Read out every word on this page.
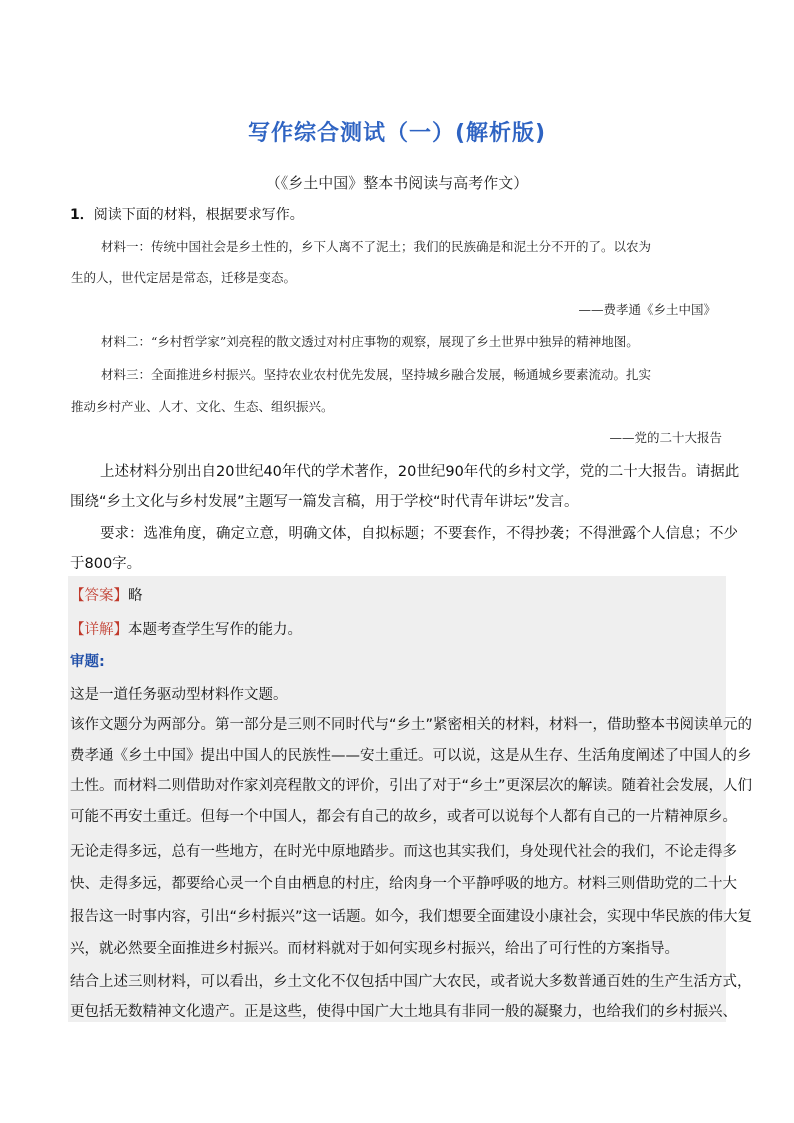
写作综合测试（一）(解析版)
（《乡土中国》整本书阅读与高考作文）
1．阅读下面的材料，根据要求写作。
材料一：传统中国社会是乡土性的，乡下人离不了泥土；我们的民族确是和泥土分不开的了。以农为
生的人，世代定居是常态，迁移是变态。
——费孝通《乡土中国》
材料二：“乡村哲学家”刘亮程的散文透过对村庄事物的观察，展现了乡土世界中独异的精神地图。
材料三：全面推进乡村振兴。坚持农业农村优先发展，坚持城乡融合发展，畅通城乡要素流动。扎实
推动乡村产业、人才、文化、生态、组织振兴。
——党的二十大报告
上述材料分别出自20世纪40年代的学术著作，20世纪90年代的乡村文学，党的二十大报告。请据此
围绕“乡土文化与乡村发展”主题写一篇发言稿，用于学校“时代青年讲坛”发言。
要求：选准角度，确定立意，明确文体，自拟标题；不要套作，不得抄袭；不得泄露个人信息；不少
于800字。
【答案】略
【详解】本题考查学生写作的能力。
审题:
这是一道任务驱动型材料作文题。
该作文题分为两部分。第一部分是三则不同时代与“乡土”紧密相关的材料，材料一，借助整本书阅读单元的
费孝通《乡土中国》提出中国人的民族性——安土重迁。可以说，这是从生存、生活角度阐述了中国人的乡
土性。而材料二则借助对作家刘亮程散文的评价，引出了对于“乡土”更深层次的解读。随着社会发展，人们
可能不再安土重迁。但每一个中国人，都会有自己的故乡，或者可以说每个人都有自己的一片精神原乡。
无论走得多远，总有一些地方，在时光中原地踏步。而这也其实我们，身处现代社会的我们，不论走得多
快、走得多远，都要给心灵一个自由栖息的村庄，给肉身一个平静呼吸的地方。材料三则借助党的二十大
报告这一时事内容，引出“乡村振兴”这一话题。如今，我们想要全面建设小康社会，实现中华民族的伟大复
兴，就必然要全面推进乡村振兴。而材料就对于如何实现乡村振兴，给出了可行性的方案指导。
结合上述三则材料，可以看出，乡土文化不仅包括中国广大农民，或者说大多数普通百姓的生产生活方式，
更包括无数精神文化遗产。正是这些，使得中国广大土地具有非同一般的凝聚力，也给我们的乡村振兴、
